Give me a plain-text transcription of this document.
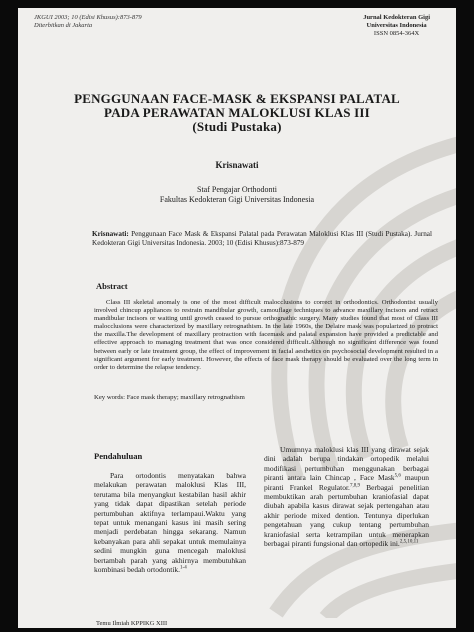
JKGUI 2003; 10 (Edisi Khusus):873-879
Diterbitkan di Jakarta
Jurnal Kedokteran Gigi
Universitas Indonesia
ISSN 0854-364X
PENGGUNAAN FACE-MASK & EKSPANSI PALATAL
PADA PERAWATAN MALOKLUSI KLAS III
(Studi Pustaka)
Krisnawati
Staf Pengajar Orthodonti
Fakultas Kedokteran Gigi Universitas Indonesia
Krisnawati: Penggunaan Face Mask & Ekspansi Palatal pada Perawatan Maloklusi Klas III (Studi Pustaka). Jurnal Kedokteran Gigi Universitas Indonesia. 2003; 10 (Edisi Khusus):873-879
Abstract
Class III skeletal anomaly is one of the most difficult malocclusions to correct in orthodontics. Orthodontist usually involved chincup appliances to restrain mandibular growth, camouflage techniques to advance maxillary incisors and retract mandibular incisors or waiting until growth ceased to pursue orthognathic surgery. Many studies found that most of Class III malocclusions were characterized by maxillary retrognathism. In the late 1960s, the Delaire mask was popularized to protract the maxilla.The development of maxillary protraction with facemask and palatal expansion have provided a predictable and effective approach to managing treatment that was once considered difficult.Although no significant difference was found between early or late treatment group, the effect of improvement in facial aesthetics on psychosocial development resulted in a significant argument for early treatment. However, the effects of face mask therapy should be evaluated over the long term in order to determine the relapse tendency.
Key words: Face mask therapy; maxillary retrognathism
Pendahuluan
Para ortodontis menyatakan bahwa melakukan perawatan maloklusi Klas III, terutama bila menyangkut kestabilan hasil akhir yang tidak dapat dipastikan setelah periode pertumbuhan aktifnya terlampaui.Waktu yang tepat untuk menangani kasus ini masih sering menjadi perdebatan hingga sekarang. Namun kebanyakan para ahli sepakat untuk memulainya sedini mungkin guna mencegah maloklusi bertambah parah yang akhirnya membutuhkan kombinasi bedah ortodontik.$^{1-4}$
Umumnya maloklusi klas III yang dirawat sejak dini adalah berupa tindakan ortopedik melalui modifikasi pertumbuhan menggunakan berbagai piranti antara lain Chincap , Face Mask$^{5,6}$ maupun piranti Frankel Regulator.$^{7,8,9}$ Berbagai penelitian membuktikan arah pertumbuhan kraniofasial dapat diubah apabila kasus dirawat sejak pertengahan atau akhir periode mixed dention. Tentunya diperlukan pengetahuan yang cukup tentang pertumbuhan kraniofasial serta ketrampilan untuk menerapkan berbagai piranti fungsional dan ortopedik ini.$^{2,5,10,11}$
Temu Ilmiah KPPIKG XIII
